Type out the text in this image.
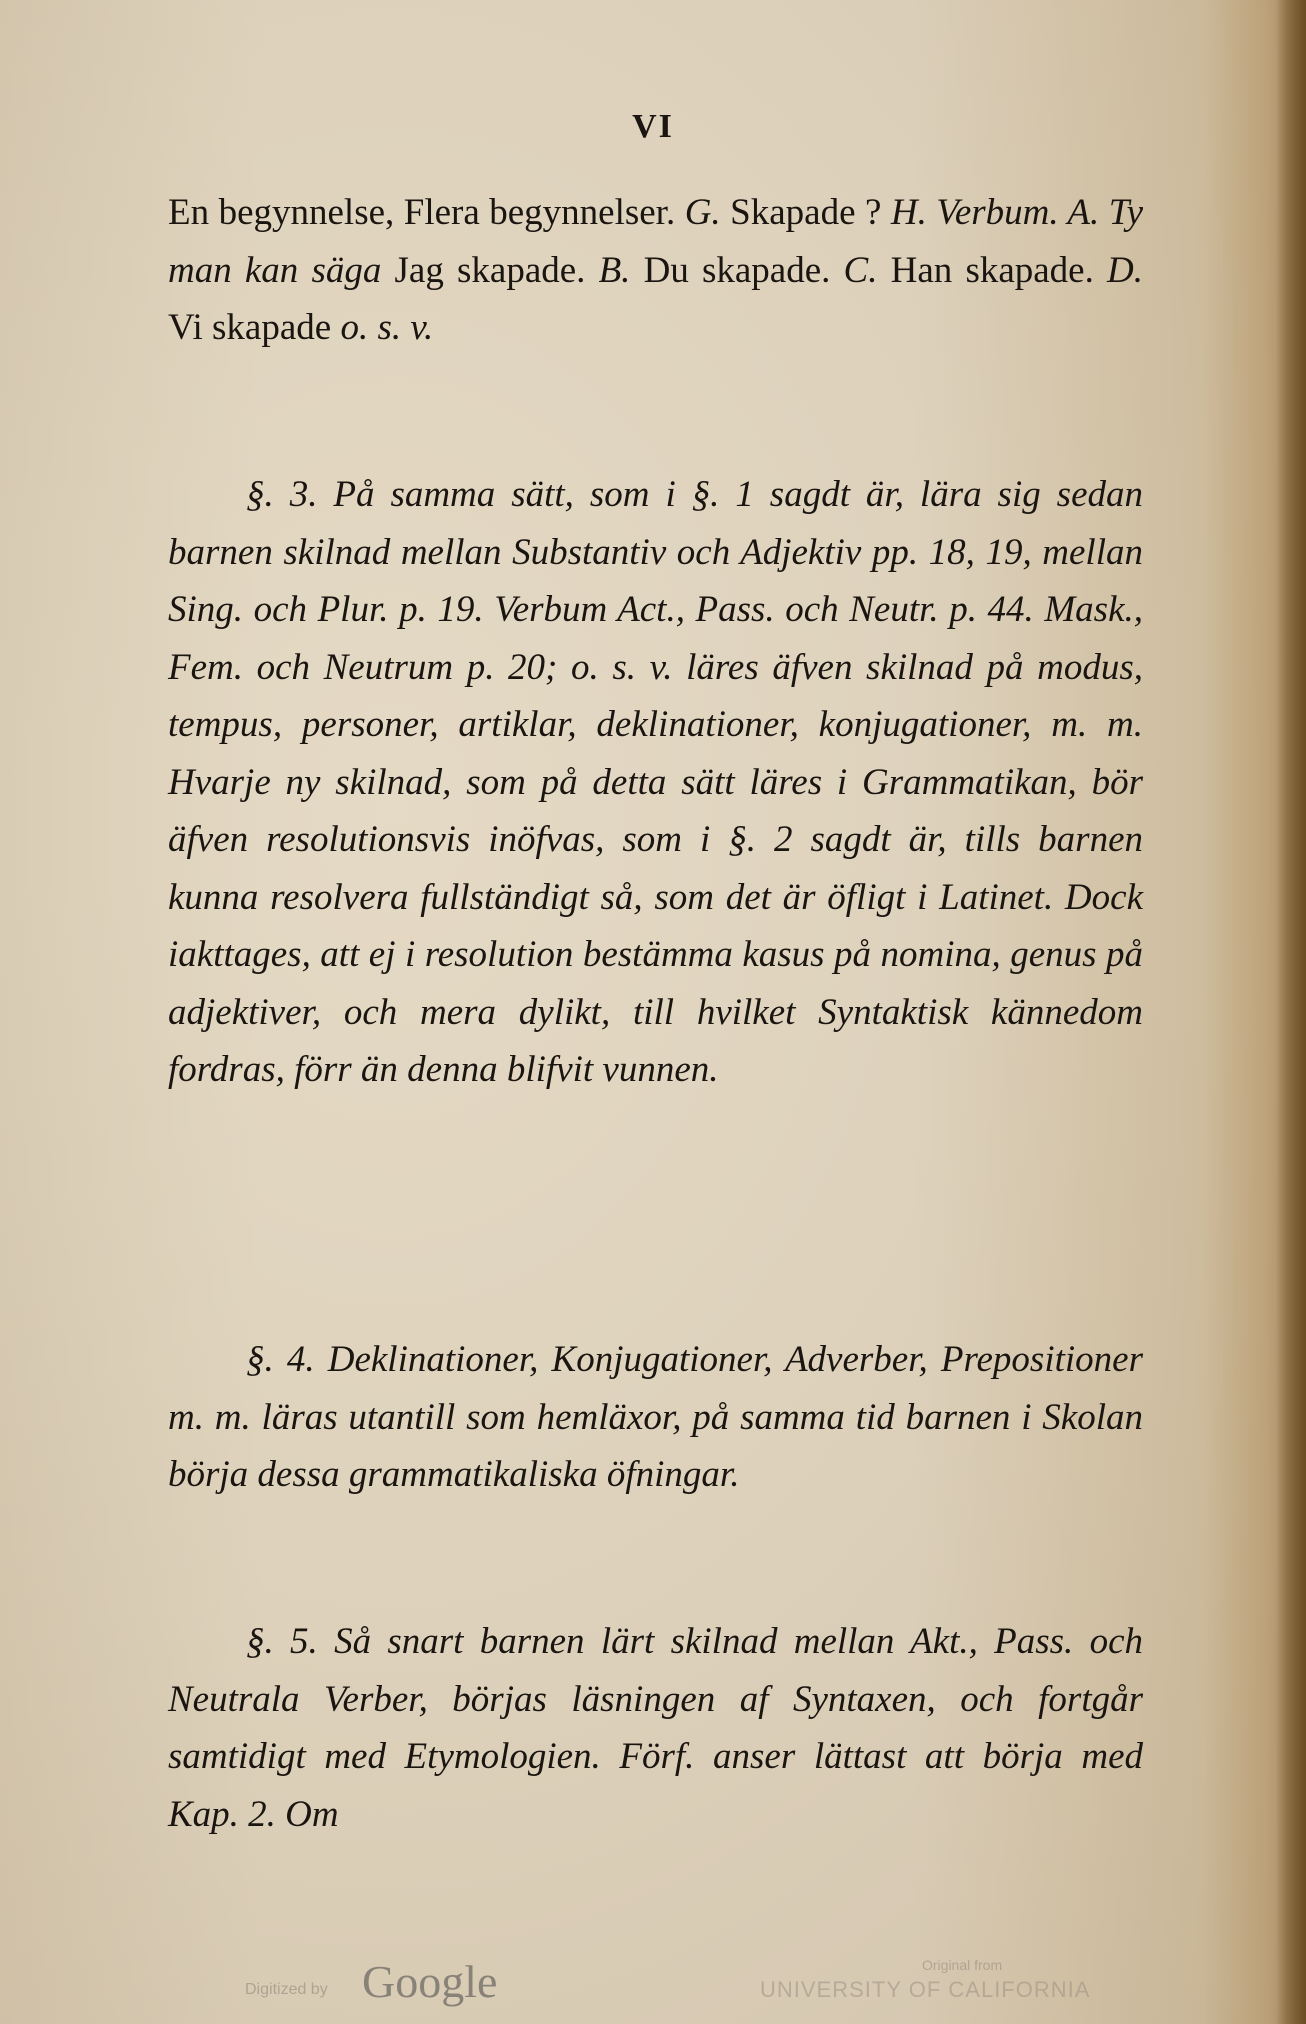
VI

En begynnelse, Flera begynnelser. G. Skapade ? H. Verbum. A. Ty man kan säga Jag skapade. B. Du skapade. C. Han skapade. D. Vi skapade o. s. v.

§. 3. På samma sätt, som i §. 1 sagdt är, lära sig sedan barnen skilnad mellan Substantiv och Adjektiv pp. 18, 19, mellan Sing. och Plur. p. 19. Verbum Act., Pass. och Neutr. p. 44. Mask., Fem. och Neutrum p. 20; o. s. v. läres äfven skilnad på modus, tempus, personer, artiklar, deklinationer, konjugationer, m. m. Hvarje ny skilnad, som på detta sätt läres i Grammatikan, bör äfven resolutionsvis inöfvas, som i §. 2 sagdt är, tills barnen kunna resolvera fullständigt så, som det är öfligt i Latinet. Dock iakttages, att ej i resolution bestämma kasus på nomina, genus på adjektiver, och mera dylikt, till hvilket Syntaktisk kännedom fordras, förr än denna blifvit vunnen.

§. 4. Deklinationer, Konjugationer, Adverber, Prepositioner m. m. läras utantill som hemläxor, på samma tid barnen i Skolan börja dessa grammatikaliska öfningar.

§. 5. Så snart barnen lärt skilnad mellan Akt., Pass. och Neutrala Verber, börjas läsningen af Syntaxen, och fortgår samtidigt med Etymologien. Förf. anser lättast att börja med Kap. 2. Om

Digitized by Google	Original from
UNIVERSITY OF CALIFORNIA
